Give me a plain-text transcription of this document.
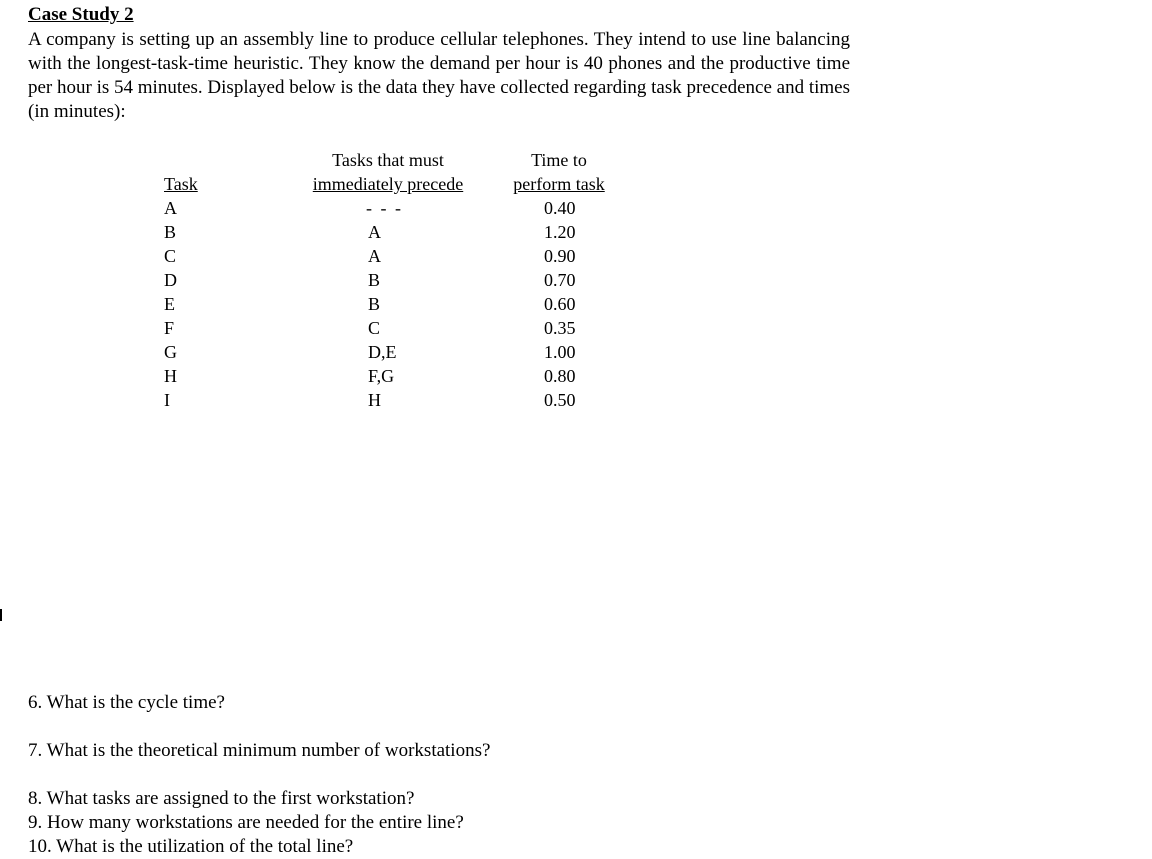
Case Study 2
A company is setting up an assembly line to produce cellular telephones. They intend to use line balancing with the longest-task-time heuristic. They know the demand per hour is 40 phones and the productive time per hour is 54 minutes. Displayed below is the data they have collected regarding task precedence and times (in minutes):
Task
A
B
C
D
E
F
G
H
I
Tasks that must
immediately precede
- - -
A
A
B
B
C
D,E
F,G
H
Time to
perform task
0.40
1.20
0.90
0.70
0.60
0.35
1.00
0.80
0.50
6. What is the cycle time?
7. What is the theoretical minimum number of workstations?
8. What tasks are assigned to the first workstation?
9. How many workstations are needed for the entire line?
10. What is the utilization of the total line?
